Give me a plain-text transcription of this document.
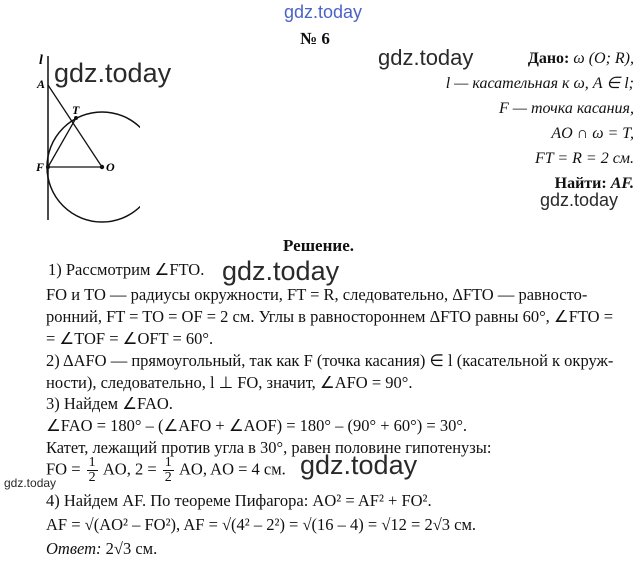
gdz.today
№ 6
l
A
T
F	O
gdz.today
gdz.today	Дано: ω (O; R),
l — касательная к ω, A ∈ l;
F — точка касания,
AO ∩ ω = T,
FT = R = 2 см.
Найти: AF.
gdz.today
Решение.
gdz.today
1) Рассмотрим ∠FTO.
FO и TO — радиусы окружности, FT = R, следовательно, ΔFTO — равносто-
ронний, FT = TO = OF = 2 см. Углы в равностороннем ΔFTO равны 60°, ∠FTO =
= ∠TOF = ∠OFT = 60°.
2) ΔAFO — прямоугольный, так как F (точка касания) ∈ l (касательной к окруж-
ности), следовательно, l ⊥ FO, значит, ∠AFO = 90°.
3) Найдем ∠FAO.
∠FAO = 180° – (∠AFO + ∠AOF) = 180° – (90° + 60°) = 30°.
Катет, лежащий против угла в 30°, равен половине гипотенузы:
FO = $\frac{1}{2}$ AO, $2 = \frac{1}{2}$ AO, AO = 4 см. gdz.today
gdz.today
4) Найдем AF. По теореме Пифагора: AO² = AF² + FO².
AF = √(AO² – FO²), AF = √(4² – 2²) = √(16 – 4) = √12 = 2√3 см.
Ответ: 2√3 см.
